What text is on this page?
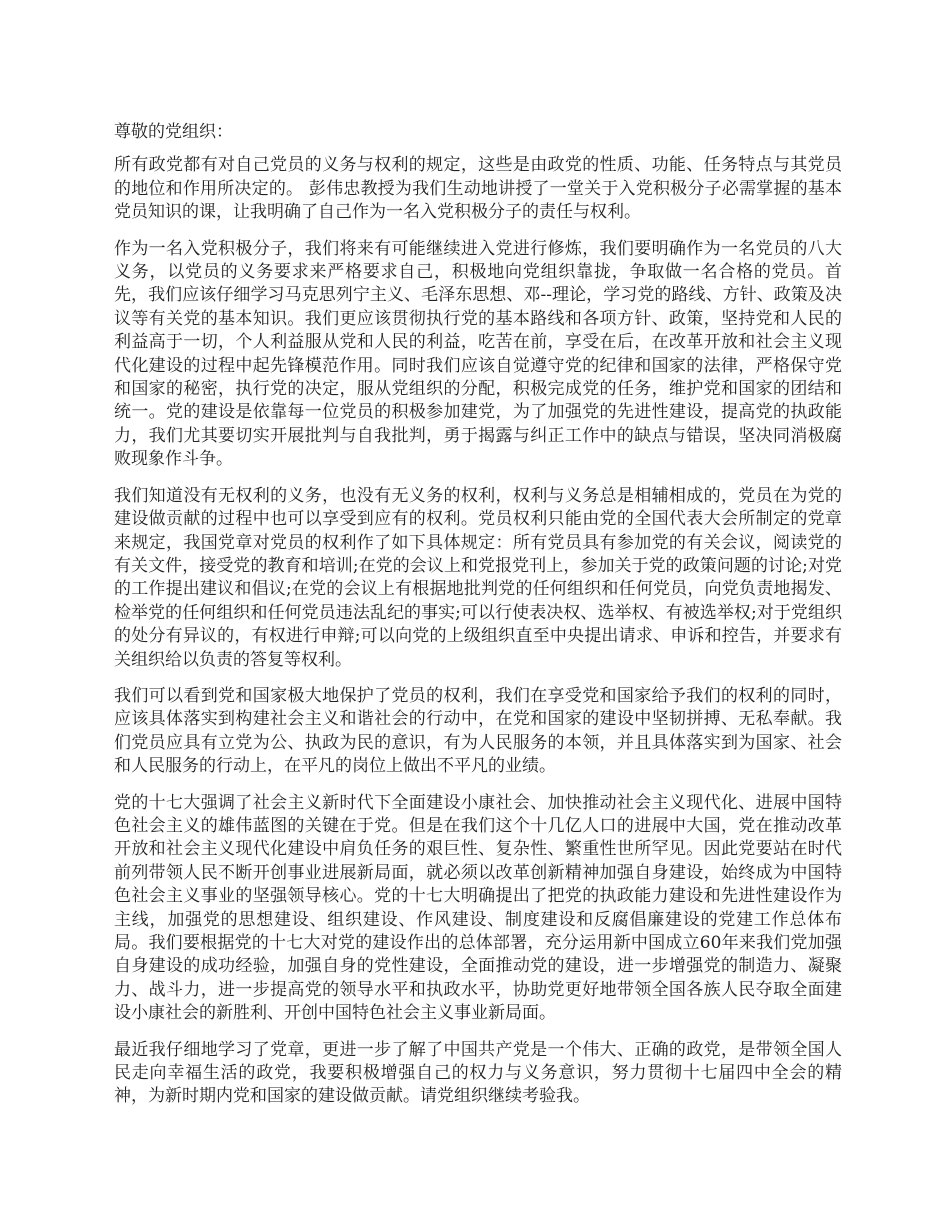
尊敬的党组织：

所有政党都有对自己党员的义务与权利的规定，这些是由政党的性质、功能、任务特点与其党员的地位和作用所决定的。 彭伟忠教授为我们生动地讲授了一堂关于入党积极分子必需掌握的基本党员知识的课，让我明确了自己作为一名入党积极分子的责任与权利。

作为一名入党积极分子，我们将来有可能继续进入党进行修炼，我们要明确作为一名党员的八大义务，以党员的义务要求来严格要求自己，积极地向党组织靠拢，争取做一名合格的党员。首先，我们应该仔细学习马克思列宁主义、毛泽东思想、邓--理论，学习党的路线、方针、政策及决议等有关党的基本知识。我们更应该贯彻执行党的基本路线和各项方针、政策，坚持党和人民的利益高于一切，个人利益服从党和人民的利益，吃苦在前，享受在后，在改革开放和社会主义现代化建设的过程中起先锋模范作用。同时我们应该自觉遵守党的纪律和国家的法律，严格保守党和国家的秘密，执行党的决定，服从党组织的分配，积极完成党的任务，维护党和国家的团结和统一。党的建设是依靠每一位党员的积极参加建党，为了加强党的先进性建设，提高党的执政能力，我们尤其要切实开展批判与自我批判，勇于揭露与纠正工作中的缺点与错误，坚决同消极腐败现象作斗争。

我们知道没有无权利的义务，也没有无义务的权利，权利与义务总是相辅相成的，党员在为党的建设做贡献的过程中也可以享受到应有的权利。党员权利只能由党的全国代表大会所制定的党章来规定，我国党章对党员的权利作了如下具体规定：所有党员具有参加党的有关会议，阅读党的有关文件，接受党的教育和培训;在党的会议上和党报党刊上，参加关于党的政策问题的讨论;对党的工作提出建议和倡议;在党的会议上有根据地批判党的任何组织和任何党员，向党负责地揭发、检举党的任何组织和任何党员违法乱纪的事实;可以行使表决权、选举权、有被选举权;对于党组织的处分有异议的，有权进行申辩;可以向党的上级组织直至中央提出请求、申诉和控告，并要求有关组织给以负责的答复等权利。

我们可以看到党和国家极大地保护了党员的权利，我们在享受党和国家给予我们的权利的同时，应该具体落实到构建社会主义和谐社会的行动中，在党和国家的建设中坚韧拼搏、无私奉献。我们党员应具有立党为公、执政为民的意识，有为人民服务的本领，并且具体落实到为国家、社会和人民服务的行动上，在平凡的岗位上做出不平凡的业绩。

党的十七大强调了社会主义新时代下全面建设小康社会、加快推动社会主义现代化、进展中国特色社会主义的雄伟蓝图的关键在于党。但是在我们这个十几亿人口的进展中大国，党在推动改革开放和社会主义现代化建设中肩负任务的艰巨性、复杂性、繁重性世所罕见。因此党要站在时代前列带领人民不断开创事业进展新局面，就必须以改革创新精神加强自身建设，始终成为中国特色社会主义事业的坚强领导核心。党的十七大明确提出了把党的执政能力建设和先进性建设作为主线，加强党的思想建设、组织建设、作风建设、制度建设和反腐倡廉建设的党建工作总体布局。我们要根据党的十七大对党的建设作出的总体部署，充分运用新中国成立60年来我们党加强自身建设的成功经验，加强自身的党性建设，全面推动党的建设，进一步增强党的制造力、凝聚力、战斗力，进一步提高党的领导水平和执政水平，协助党更好地带领全国各族人民夺取全面建设小康社会的新胜利、开创中国特色社会主义事业新局面。

最近我仔细地学习了党章，更进一步了解了中国共产党是一个伟大、正确的政党，是带领全国人民走向幸福生活的政党，我要积极增强自己的权力与义务意识，努力贯彻十七届四中全会的精神，为新时期内党和国家的建设做贡献。请党组织继续考验我。
